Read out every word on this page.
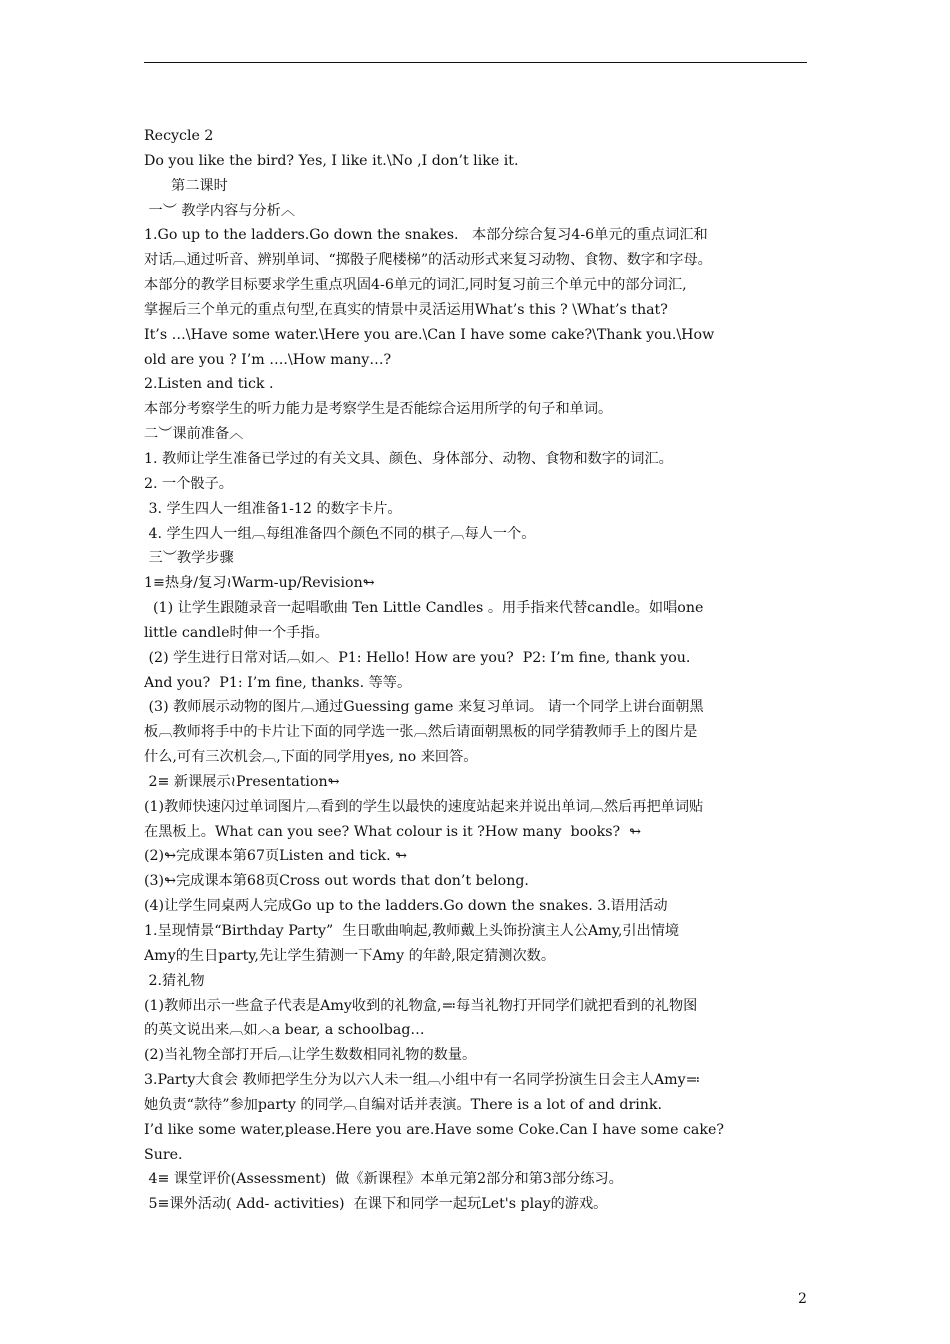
Recycle 2
Do you like the bird? Yes, I like it.\No ,I don’t like it.
第二课时
一︶ 教学内容与分析︿
1.Go up to the ladders.Go down the snakes.   本部分综合复习4-6单元的重点词汇和
对话︹通过听音、辨别单词、“掷骰子爬楼梯”的活动形式来复习动物、食物、数字和字母。
本部分的教学目标要求学生重点巩固4-6单元的词汇,同时复习前三个单元中的部分词汇,
掌握后三个单元的重点句型,在真实的情景中灵活运用What’s this ? \What’s that?
It’s …\Have some water.\Here you are.\Can I have some cake?\Thank you.\How
old are you ? I’m ….\How many…?
2.Listen and tick .
本部分考察学生的听力能力是考察学生是否能综合运用所学的句子和单词。
二︶课前准备︿
1. 教师让学生准备已学过的有关文具、颜色、身体部分、动物、食物和数字的词汇。
2. 一个骰子。
3. 学生四人一组准备1-12 的数字卡片。
4. 学生四人一组︹每组准备四个颜色不同的棋子︹每人一个。
三︶教学步骤
1≡热身/复习≀Warm-up/Revision↬
(1) 让学生跟随录音一起唱歌曲 Ten Little Candles 。用手指来代替candle。如唱one
little candle时伸一个手指。
(2) 学生进行日常对话︹如︿  P1: Hello! How are you?  P2: I’m fine, thank you.
And you?  P1: I’m fine, thanks. 等等。
(3) 教师展示动物的图片︹通过Guessing game 来复习单词。 请一个同学上讲台面朝黑
板︹教师将手中的卡片让下面的同学选一张︹然后请面朝黑板的同学猜教师手上的图片是
什么,可有三次机会︹,下面的同学用yes, no 来回答。
2≡ 新课展示≀Presentation↬
(1)教师快速闪过单词图片︹看到的学生以最快的速度站起来并说出单词︹然后再把单词贴
在黑板上。What can you see? What colour is it ?How many  books?  ↬
(2)↬完成课本第67页Listen and tick. ↬
(3)↬完成课本第68页Cross out words that don’t belong.
(4)让学生同桌两人完成Go up to the ladders.Go down the snakes. 3.语用活动
1.呈现情景“Birthday Party”  生日歌曲响起,教师戴上头饰扮演主人公Amy,引出情境
Amy的生日party,先让学生猜测一下Amy 的年龄,限定猜测次数。
2.猜礼物
(1)教师出示一些盒子代表是Amy收到的礼物盒,≕每当礼物打开同学们就把看到的礼物图
的英文说出来︹如︿a bear, a schoolbag…
(2)当礼物全部打开后︹让学生数数相同礼物的数量。
3.Party大食会 教师把学生分为以六人未一组︹小组中有一名同学扮演生日会主人Amy≕
她负责“款待”参加party 的同学︹自编对话并表演。There is a lot of and drink.
I’d like some water,please.Here you are.Have some Coke.Can I have some cake?
Sure.
4≡ 课堂评价(Assessment)  做《新课程》本单元第2部分和第3部分练习。
5≡课外活动( Add- activities)  在课下和同学一起玩Let's play的游戏。
2
